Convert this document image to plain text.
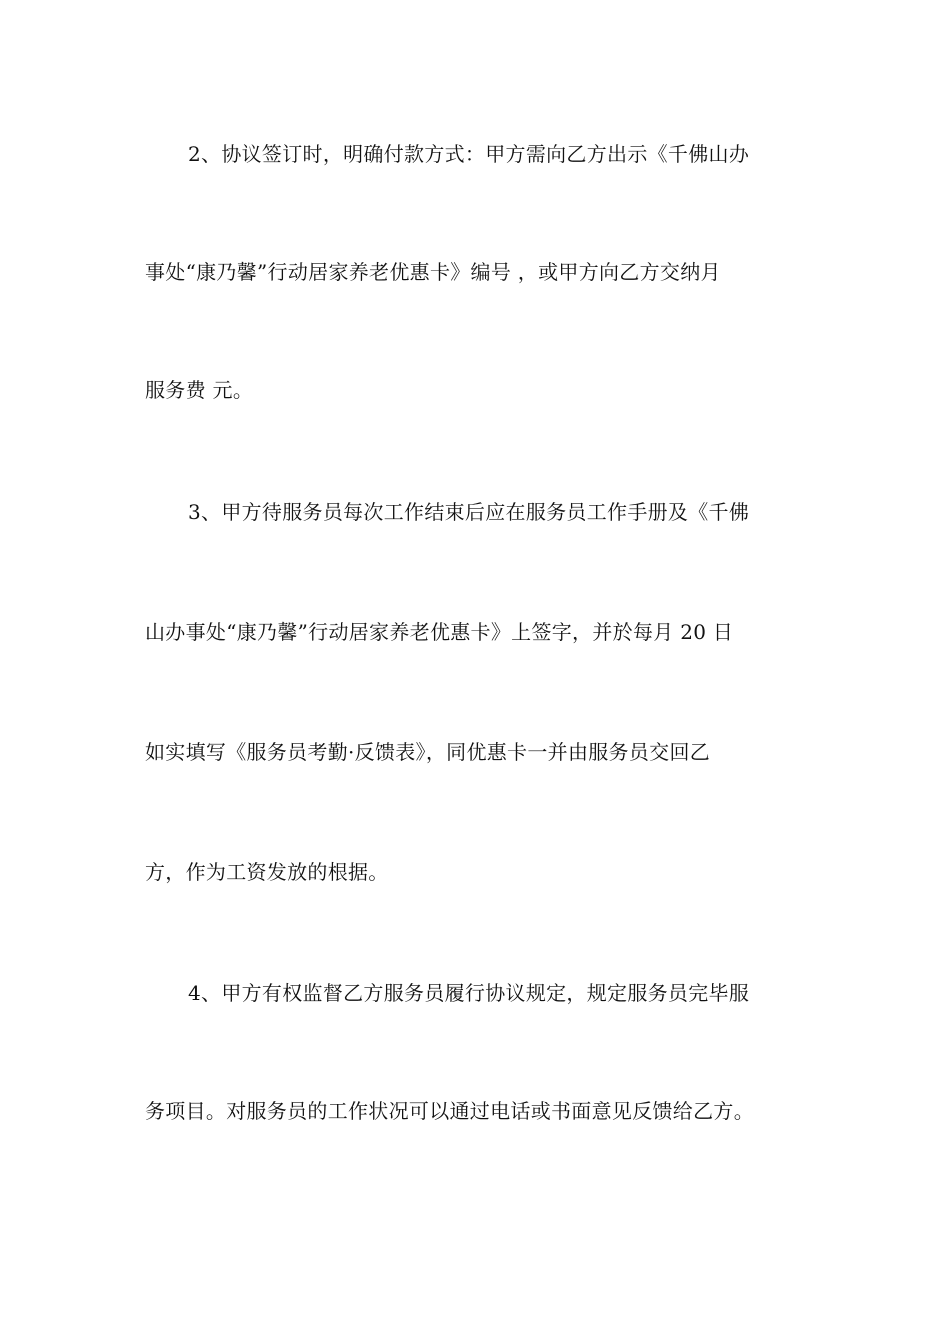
2、协议签订时，明确付款方式：甲方需向乙方出示《千佛山办
事处“康乃馨”行动居家养老优惠卡》编号 ，或甲方向乙方交纳月
服务费 元。
3、甲方待服务员每次工作结束后应在服务员工作手册及《千佛
山办事处“康乃馨”行动居家养老优惠卡》上签字，并於每月 20 日
如实填写《服务员考勤·反馈表》，同优惠卡一并由服务员交回乙
方，作为工资发放的根据。
4、甲方有权监督乙方服务员履行协议规定，规定服务员完毕服
务项目。对服务员的工作状况可以通过电话或书面意见反馈给乙方。
